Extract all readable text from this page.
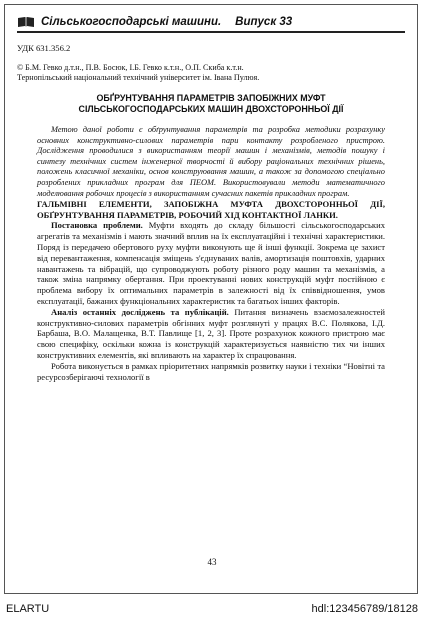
Сільськогосподарські машини. Випуск 33
УДК 631.356.2
© Б.М. Гевко д.т.н., П.В. Босюк, І.Б. Гевко к.т.н., О.П. Скиба к.т.н.
Тернопільський національний технічний університет ім. Івана Пулюя.
ОБҐРУНТУВАННЯ ПАРАМЕТРІВ ЗАПОБІЖНИХ МУФТ
СІЛЬСЬКОГОСПОДАРСЬКИХ МАШИН ДВОХСТОРОННЬОЇ ДІЇ
Метою даної роботи є обґрунтування параметрів та розробка методики розрахунку основних конструктивно-силових параметрів пари контакту розробленого пристрою. Дослідження проводилися з використанням теорії машин і механізмів, методів пошуку і синтезу технічних систем інженерної творчості й вибору раціональних технічних рішень, положень класичної механіки, основ конструювання машин, а також за допомогою спеціально розроблених прикладних програм для ПЕОМ. Використовували методи математичного моделювання робочих процесів з використанням сучасних пакетів прикладних програм.
ГАЛЬМІВНІ ЕЛЕМЕНТИ, ЗАПОБІЖНА МУФТА ДВОХСТОРОННЬОЇ ДІЇ, ОБҐРУНТУВАННЯ ПАРАМЕТРІВ, РОБОЧИЙ ХІД КОНТАКТНОЇ ЛАНКИ.

Постановка проблеми. Муфти входять до складу більшості сільськогосподарських агрегатів та механізмів і мають значний вплив на їх експлуатаційні і технічні характеристики. Поряд із передачею обертового руху муфти виконують ще й інші функції. Зокрема це захист від перевантаження, компенсація зміщень з'єднуваних валів, амортизація поштовхів, ударних навантажень та вібрацій, що супроводжують роботу різного роду машин та механізмів, а також зміна напрямку обертання. При проектуванні нових конструкцій муфт постійною є проблема вибору їх оптимальних параметрів в залежності від їх співвідношення, умов експлуатації, бажаних функціональних характеристик та багатьох інших факторів.

Аналіз останніх досліджень та публікацій. Питання визначень взаємозалежностей конструктивно-силових параметрів обгінних муфт розглянуті у працях В.С. Полякова, І.Д. Барбаша, В.О. Малащенка, В.Т. Павлище [1, 2, 3]. Проте розрахунок кожного пристрою має свою специфіку, оскільки кожна із конструкцій характеризується наявністю тих чи інших конструктивних елементів, які впливають на характер їх спрацювання.

Робота виконується в рамках пріоритетних напрямків розвитку науки і техніки “Новітні та ресурсозберігаючі технології в

43
ELARTU	hdl:123456789/18128
